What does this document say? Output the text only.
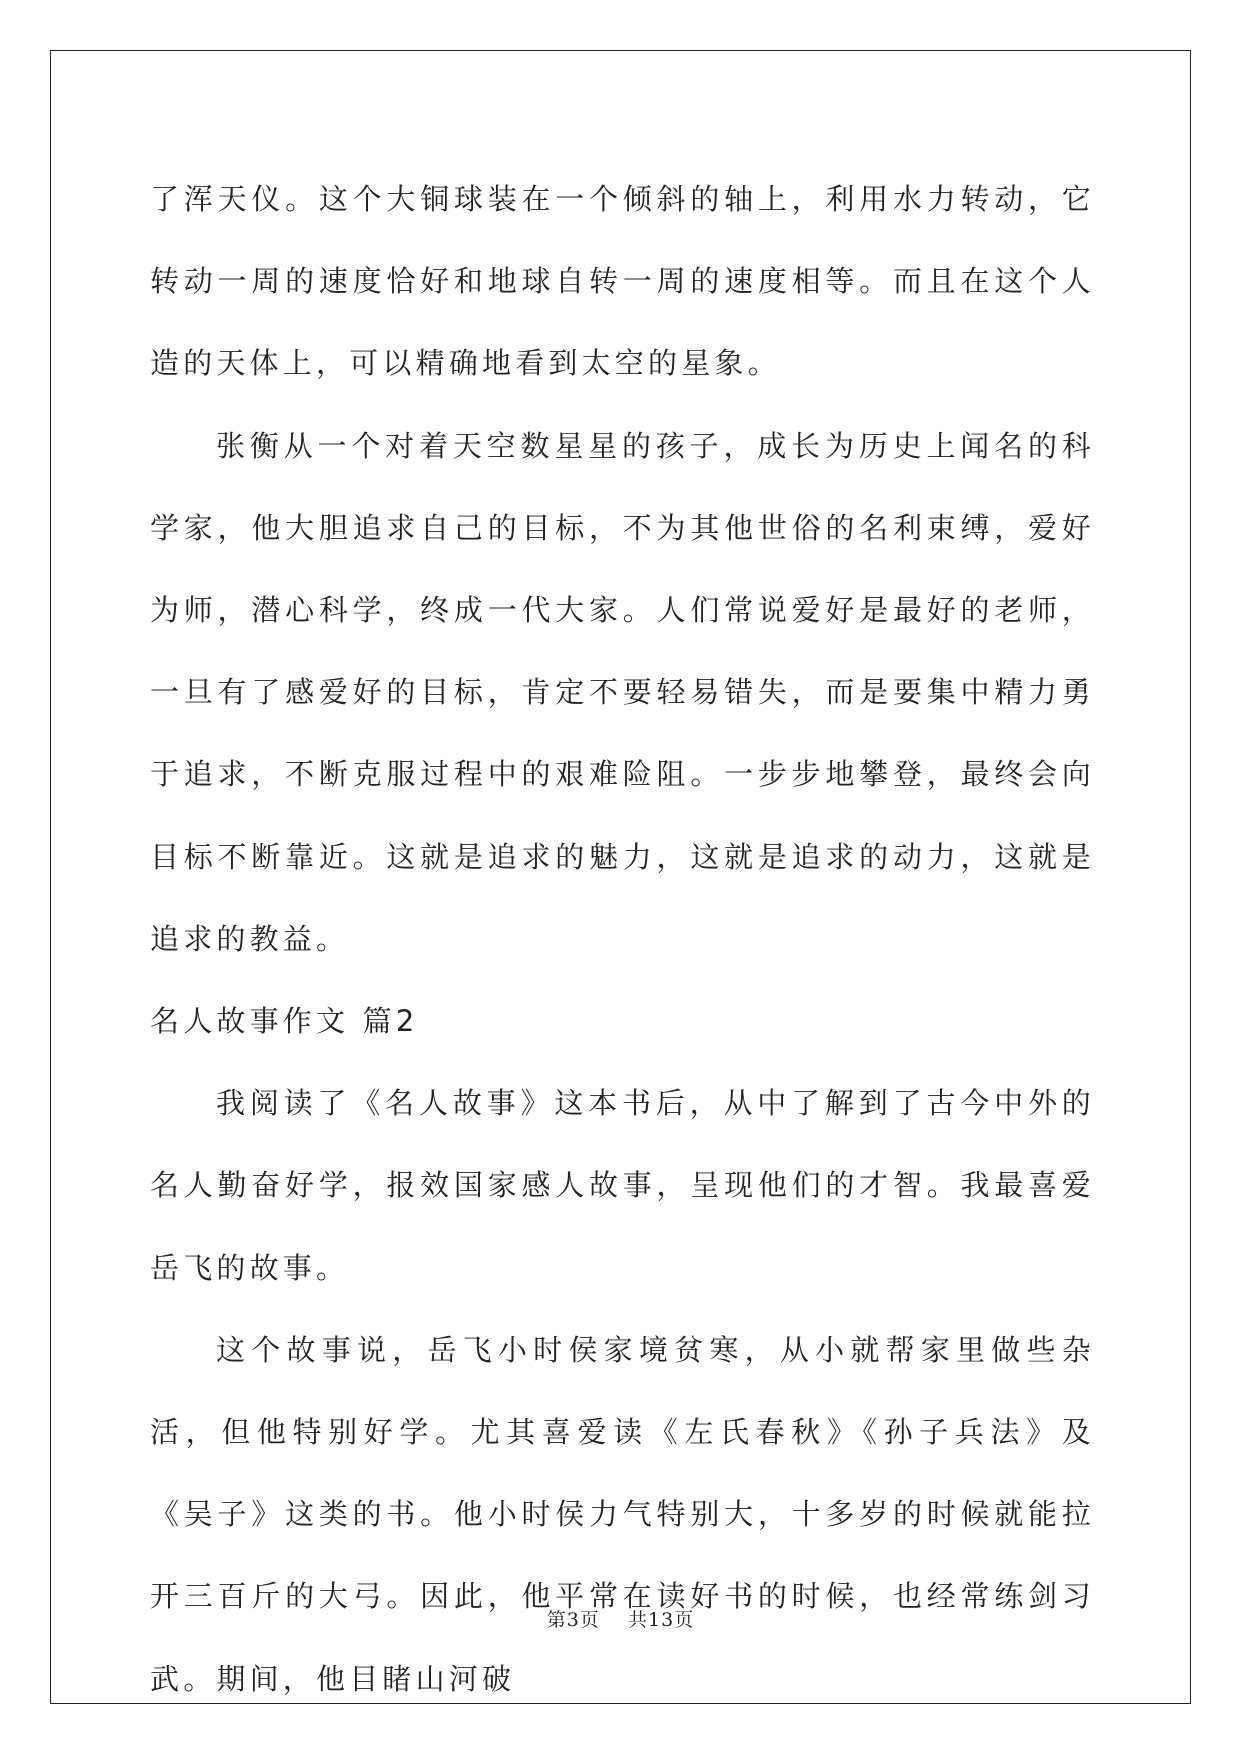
了浑天仪。这个大铜球装在一个倾斜的轴上，利用水力转动，它转动一周的速度恰好和地球自转一周的速度相等。而且在这个人造的天体上，可以精确地看到太空的星象。

张衡从一个对着天空数星星的孩子，成长为历史上闻名的科学家，他大胆追求自己的目标，不为其他世俗的名利束缚，爱好为师，潜心科学，终成一代大家。人们常说爱好是最好的老师，一旦有了感爱好的目标，肯定不要轻易错失，而是要集中精力勇于追求，不断克服过程中的艰难险阻。一步步地攀登，最终会向目标不断靠近。这就是追求的魅力，这就是追求的动力，这就是追求的教益。

名人故事作文 篇2

我阅读了《名人故事》这本书后，从中了解到了古今中外的名人勤奋好学，报效国家感人故事，呈现他们的才智。我最喜爱岳飞的故事。

这个故事说，岳飞小时侯家境贫寒，从小就帮家里做些杂活，但他特别好学。尤其喜爱读《左氏春秋》《孙子兵法》及《吴子》这类的书。他小时侯力气特别大，十多岁的时候就能拉开三百斤的大弓。因此，他平常在读好书的时候，也经常练剑习武。期间，他目睹山河破

第3页 共13页
